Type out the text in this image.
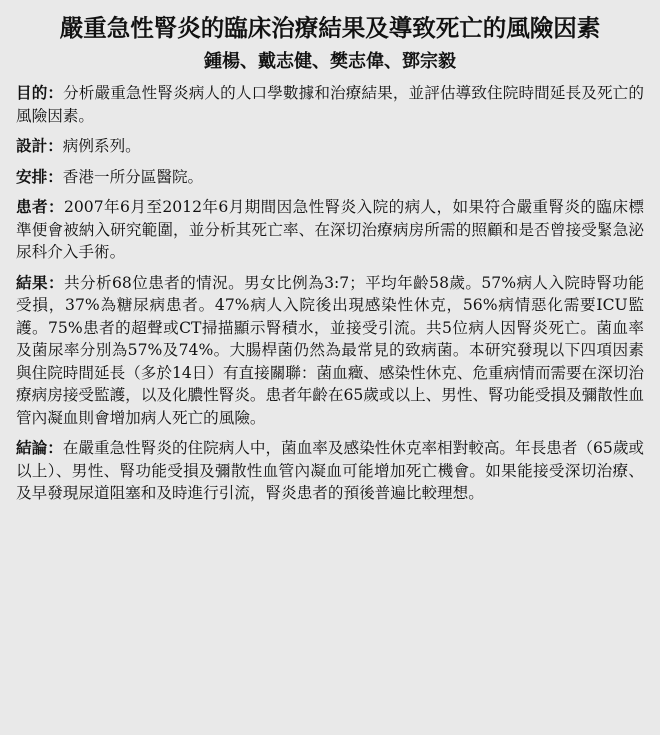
嚴重急性腎炎的臨床治療結果及導致死亡的風險因素
鍾楊、戴志健、樊志偉、鄧宗毅

目的：分析嚴重急性腎炎病人的人口學數據和治療結果，並評估導致住院時間延長及死亡的風險因素。

設計：病例系列。

安排：香港一所分區醫院。

患者：2007年6月至2012年6月期間因急性腎炎入院的病人，如果符合嚴重腎炎的臨床標準便會被納入研究範圍，並分析其死亡率、在深切治療病房所需的照顧和是否曾接受緊急泌尿科介入手術。

結果：共分析68位患者的情況。男女比例為3:7；平均年齡58歲。57%病人入院時腎功能受損，37%為糖尿病患者。47%病人入院後出現感染性休克，56%病情惡化需要ICU監護。75%患者的超聲或CT掃描顯示腎積水，並接受引流。共5位病人因腎炎死亡。菌血率及菌尿率分別為57%及74%。大腸桿菌仍然為最常見的致病菌。本研究發現以下四項因素與住院時間延長（多於14日）有直接關聯：菌血癥、感染性休克、危重病情而需要在深切治療病房接受監護，以及化膿性腎炎。患者年齡在65歲或以上、男性、腎功能受損及彌散性血管內凝血則會增加病人死亡的風險。

結論：在嚴重急性腎炎的住院病人中，菌血率及感染性休克率相對較高。年長患者（65歲或以上）、男性、腎功能受損及彌散性血管內凝血可能增加死亡機會。如果能接受深切治療、及早發現尿道阻塞和及時進行引流，腎炎患者的預後普遍比較理想。
